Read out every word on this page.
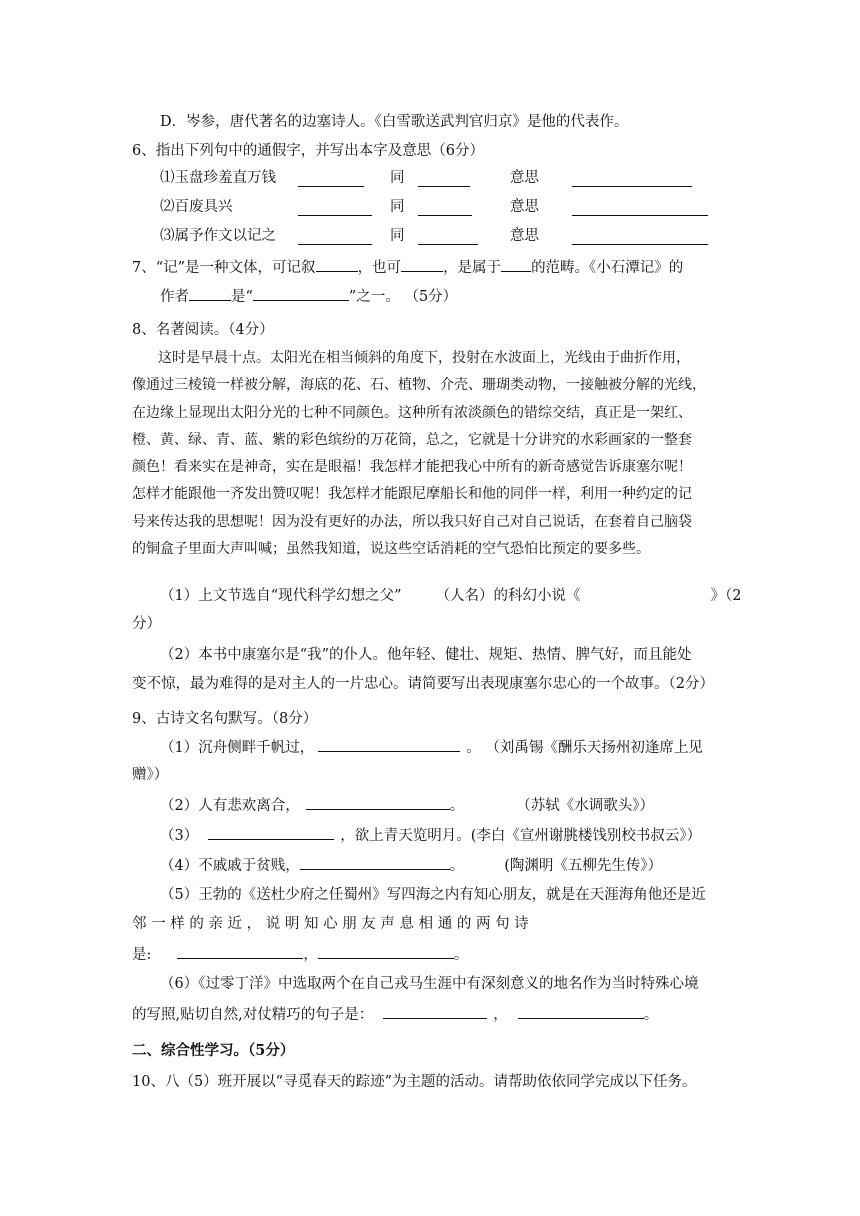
D．岑参，唐代著名的边塞诗人。《白雪歌送武判官归京》是他的代表作。
6、指出下列句中的通假字，并写出本字及意思（6分）
⑴玉盘珍羞直万钱	同	意思
⑵百废具兴	同	意思
⑶属予作文以记之	同	意思
7、“记”是一种文体，可记叙	，也可	，是属于 的范畴。《小石潭记》的
作者	是“	”之一。 （5分）
8、名著阅读。（4分）

这时是早晨十点。太阳光在相当倾斜的角度下，投射在水波面上，光线由于曲折作用，

像通过三棱镜一样被分解，海底的花、石、植物、介壳、珊瑚类动物，一接触被分解的光线，

在边缘上显现出太阳分光的七种不同颜色。这种所有浓淡颜色的错综交结，真正是一架红、

橙、黄、绿、青、蓝、紫的彩色缤纷的万花筒，总之，它就是十分讲究的水彩画家的一整套

颜色！看来实在是神奇，实在是眼福！我怎样才能把我心中所有的新奇感觉告诉康塞尔呢！

怎样才能跟他一齐发出赞叹呢！我怎样才能跟尼摩船长和他的同伴一样，利用一种约定的记

号来传达我的思想呢！因为没有更好的办法，所以我只好自己对自己说话，在套着自己脑袋

的铜盒子里面大声叫喊；虽然我知道，说这些空话消耗的空气恐怕比预定的要多些。

（1）上文节选自“现代科学幻想之父” （人名）的科幻小说《	》（2
分）
（2）本书中康塞尔是“我”的仆人。他年轻、健壮、规矩、热情、脾气好，而且能处
变不惊，最为难得的是对主人的一片忠心。请简要写出表现康塞尔忠心的一个故事。（2分）
9、古诗文名句默写。（8分）
（1）沉舟侧畔千帆过，	。 （刘禹锡《酬乐天扬州初逢席上见
赠》）
（2）人有悲欢离合，	。	（苏轼《水调歌头》）
（3）	，欲上青天览明月。(李白《宣州谢朓楼饯别校书叔云》）
（4）不戚戚于贫贱，	。	(陶渊明《五柳先生传》）
（5）王勃的《送杜少府之任蜀州》写四海之内有知心朋友，就是在天涯海角他还是近
邻 一 样 的 亲 近 ， 说 明 知 心 朋 友 声 息 相 通 的 两 句 诗
是:	，	。
（6）《过零丁洋》中选取两个在自己戎马生涯中有深刻意义的地名作为当时特殊心境
的写照,贴切自然,对仗精巧的句子是：	，	。
二、综合性学习。（5分）
10、八（5）班开展以“寻觅春天的踪迹”为主题的活动。请帮助依依同学完成以下任务。
